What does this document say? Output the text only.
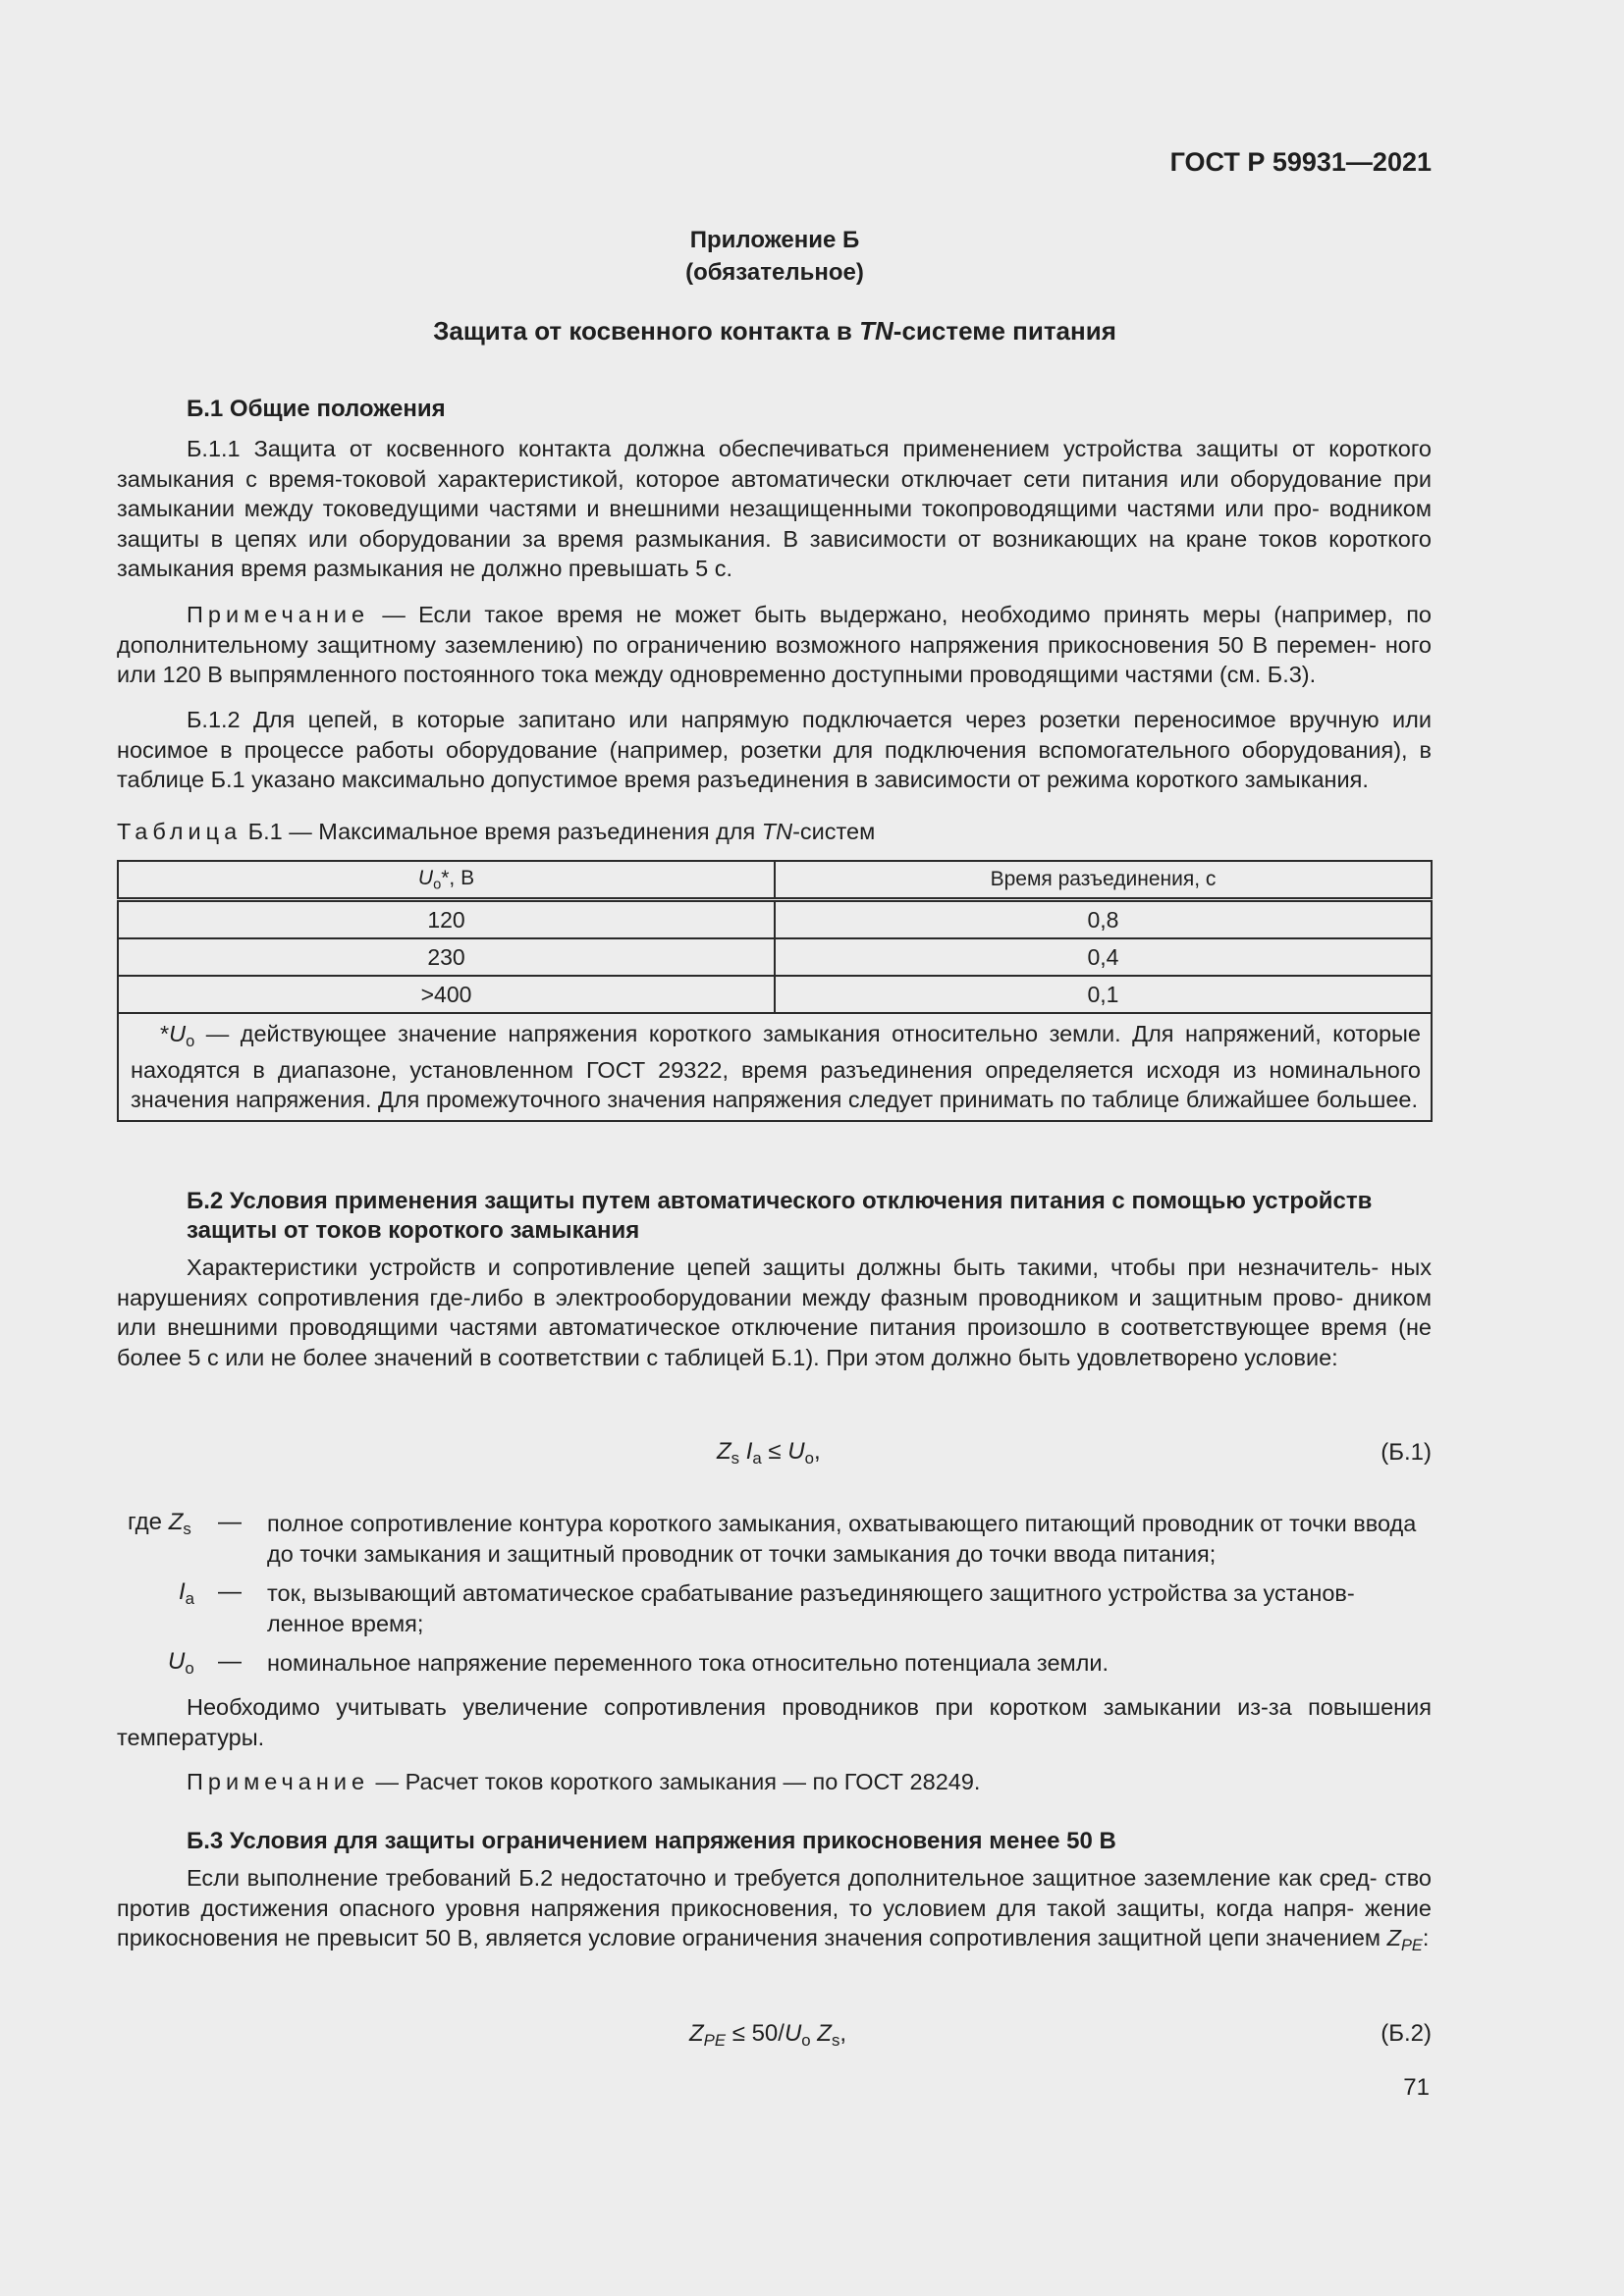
ГОСТ Р 59931—2021
Приложение Б
(обязательное)
Защита от косвенного контакта в TN-системе питания
Б.1 Общие положения

Б.1.1 Защита от косвенного контакта должна обеспечиваться применением устройства защиты от короткого замыкания с время-токовой характеристикой, которое автоматически отключает сети питания или оборудование при замыкании между токоведущими частями и внешними незащищенными токопроводящими частями или про- водником защиты в цепях или оборудовании за время размыкания. В зависимости от возникающих на кране токов короткого замыкания время размыкания не должно превышать 5 с.

Примечание — Если такое время не может быть выдержано, необходимо принять меры (например, по дополнительному защитному заземлению) по ограничению возможного напряжения прикосновения 50 В перемен- ного или 120 В выпрямленного постоянного тока между одновременно доступными проводящими частями (см. Б.3).

Б.1.2 Для цепей, в которые запитано или напрямую подключается через розетки переносимое вручную или носимое в процессе работы оборудование (например, розетки для подключения вспомогательного оборудования), в таблице Б.1 указано максимально допустимое время разъединения в зависимости от режима короткого замыкания.

Таблица Б.1 — Максимальное время разъединения для TN-систем
$U_o*$, В	Время разъединения, с
120	0,8
230	0,4
>400	0,1
$*U_o$ — действующее значение напряжения короткого замыкания относительно земли. Для напряжений, которые находятся в диапазоне, установленном ГОСТ 29322, время разъединения определяется исходя из номинального значения напряжения. Для промежуточного значения напряжения следует принимать по таблице ближайшее большее.	
Б.2 Условия применения защиты путем автоматического отключения питания с помощью устройств защиты от токов короткого замыкания

Характеристики устройств и сопротивление цепей защиты должны быть такими, чтобы при незначитель- ных нарушениях сопротивления где-либо в электрооборудовании между фазным проводником и защитным прово- дником или внешними проводящими частями автоматическое отключение питания произошло в соответствующее время (не более 5 с или не более значений в соответствии с таблицей Б.1). При этом должно быть удовлетворено условие:

$Z_s$ $I_a \le U_o$,	(Б.1)
где $Z_s$ — полное сопротивление контура короткого замыкания, охватывающего питающий проводник от точки ввода до точки замыкания и защитный проводник от точки замыкания до точки ввода питания;
$I_a$ — ток, вызывающий автоматическое срабатывание разъединяющего защитного устройства за установ- ленное время;
$U_o$ — номинальное напряжение переменного тока относительно потенциала земли.

Необходимо учитывать увеличение сопротивления проводников при коротком замыкании из-за повышения температуры.

Примечание — Расчет токов короткого замыкания — по ГОСТ 28249.

Б.3 Условия для защиты ограничением напряжения прикосновения менее 50 В

Если выполнение требований Б.2 недостаточно и требуется дополнительное защитное заземление как сред- ство против достижения опасного уровня напряжения прикосновения, то условием для такой защиты, когда напря- жение прикосновения не превысит 50 В, является условие ограничения значения сопротивления защитной цепи значением $Z_{PE}$:

$Z_{PE} \le 50/U_o$ $Z_s$,	(Б.2)
71
